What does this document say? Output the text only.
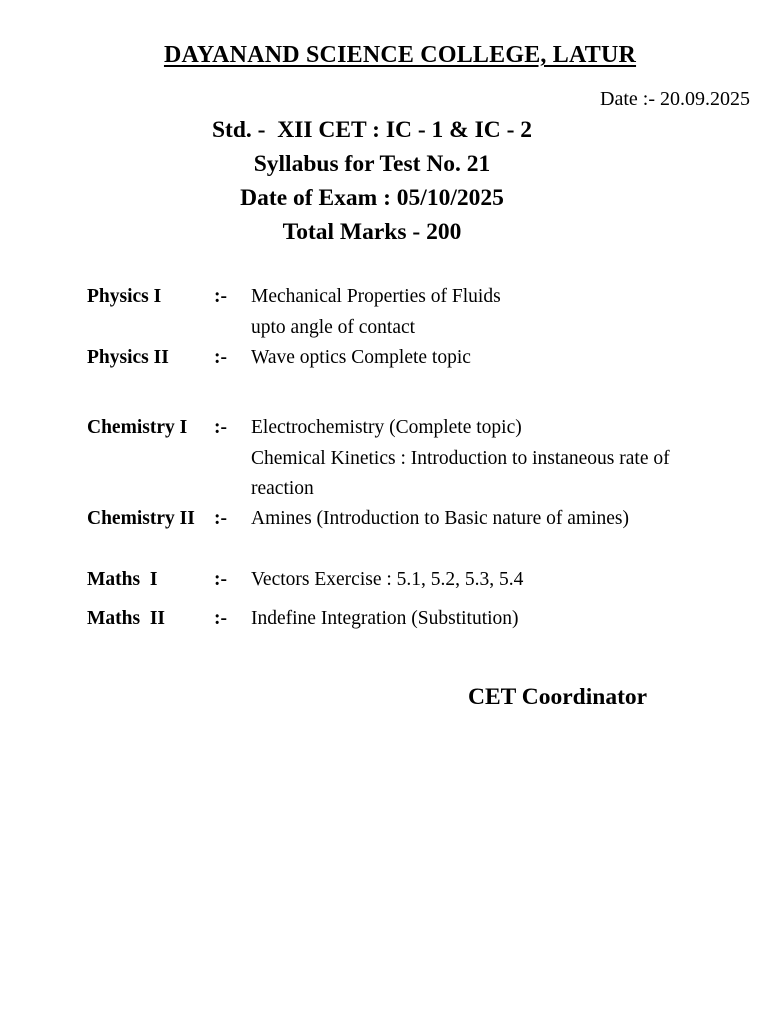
DAYANAND SCIENCE COLLEGE, LATUR
Date :- 20.09.2025
Std. -  XII CET : IC - 1 & IC - 2
Syllabus for Test No. 21
Date of Exam : 05/10/2025
Total Marks - 200
Physics I	:- Mechanical Properties of Fluids
upto angle of contact
Physics II :- Wave optics Complete topic
Chemistry I :- Electrochemistry (Complete topic)
Chemical Kinetics : Introduction to instaneous rate of
reaction
Chemistry II :- Amines (Introduction to Basic nature of amines)
Maths  I	:- Vectors Exercise : 5.1, 5.2, 5.3, 5.4
Maths  II	:- Indefine Integration (Substitution)
CET Coordinator
